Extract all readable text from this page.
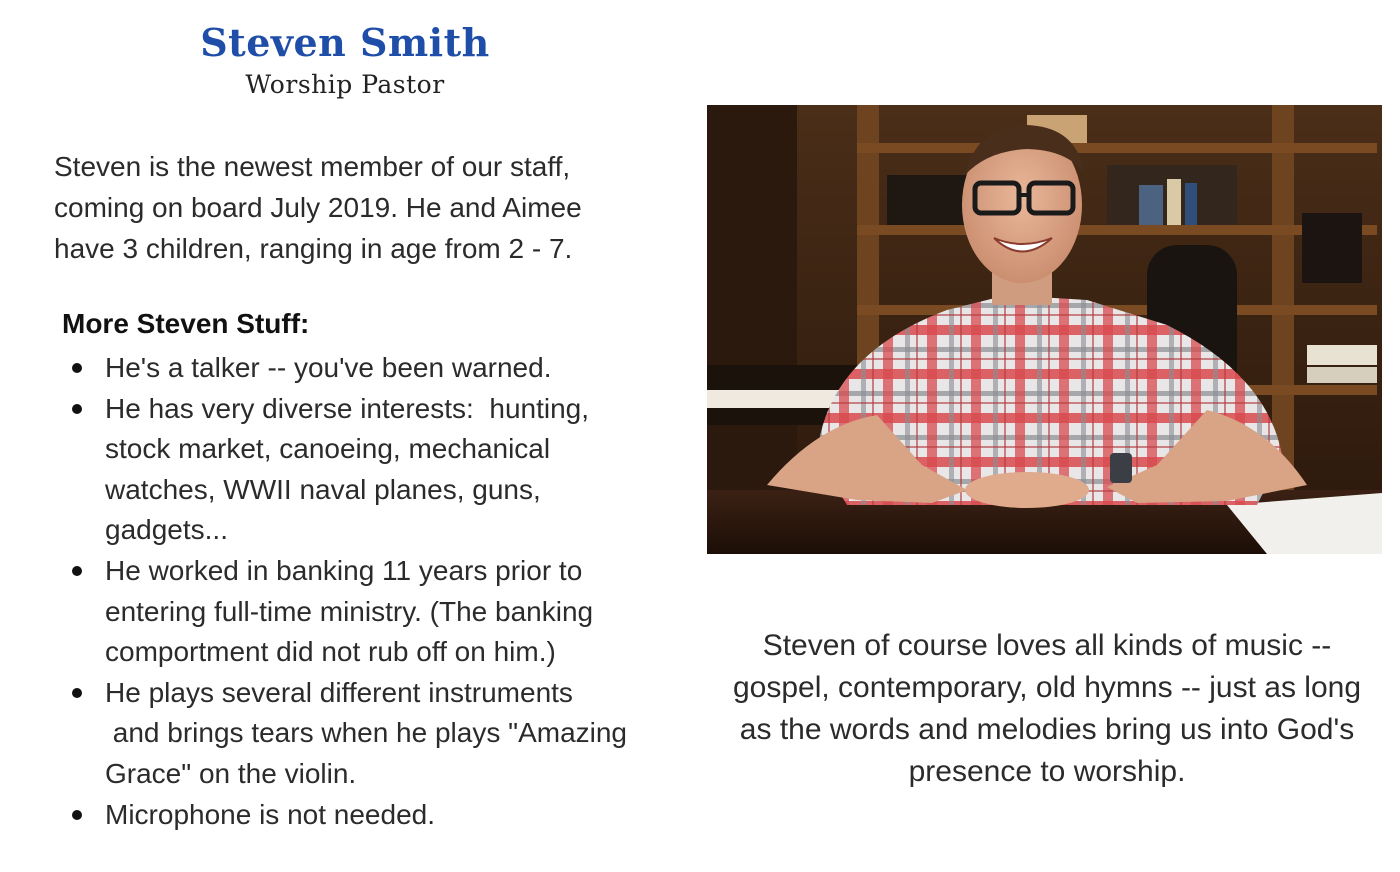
Steven Smith
Worship Pastor
Steven is the newest member of our staff,
coming on board July 2019. He and Aimee
have 3 children, ranging in age from 2 - 7.
More Steven Stuff:
He's a talker -- you've been warned.
He has very diverse interests:  hunting,
stock market, canoeing, mechanical
watches, WWII naval planes, guns,
gadgets...
He worked in banking 11 years prior to
entering full-time ministry. (The banking
comportment did not rub off on him.)
He plays several different instruments
and brings tears when he plays "Amazing
Grace" on the violin.
Microphone is not needed.
Steven of course loves all kinds of music --
gospel, contemporary, old hymns -- just as long
as the words and melodies bring us into God's
presence to worship.
